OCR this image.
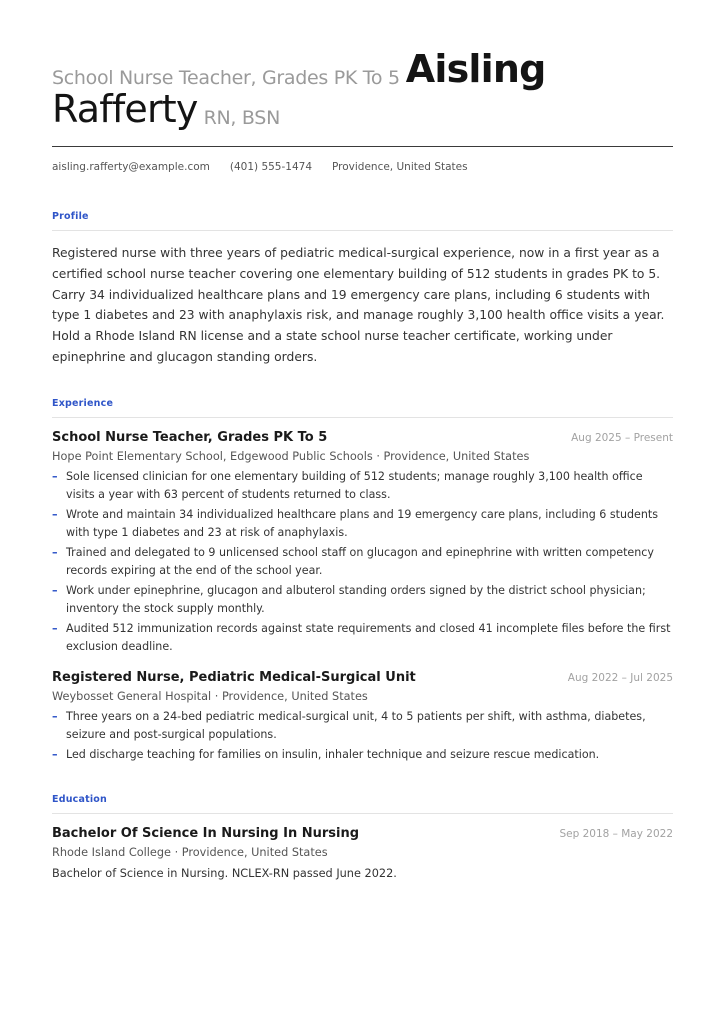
School Nurse Teacher, Grades PK To 5 Aisling
Rafferty RN, BSN
aisling.rafferty@example.com (401) 555-1474 Providence, United States
Profile
Registered nurse with three years of pediatric medical-surgical experience, now in a first year as a certified school nurse teacher covering one elementary building of 512 students in grades PK to 5. Carry 34 individualized healthcare plans and 19 emergency care plans, including 6 students with type 1 diabetes and 23 with anaphylaxis risk, and manage roughly 3,100 health office visits a year. Hold a Rhode Island RN license and a state school nurse teacher certificate, working under epinephrine and glucagon standing orders.
Experience
School Nurse Teacher, Grades PK To 5	Aug 2025 – Present
Hope Point Elementary School, Edgewood Public Schools · Providence, United States
– Sole licensed clinician for one elementary building of 512 students; manage roughly 3,100 health office visits a year with 63 percent of students returned to class.
– Wrote and maintain 34 individualized healthcare plans and 19 emergency care plans, including 6 students with type 1 diabetes and 23 at risk of anaphylaxis.
– Trained and delegated to 9 unlicensed school staff on glucagon and epinephrine with written competency records expiring at the end of the school year.
– Work under epinephrine, glucagon and albuterol standing orders signed by the district school physician; inventory the stock supply monthly.
– Audited 512 immunization records against state requirements and closed 41 incomplete files before the first exclusion deadline.
Registered Nurse, Pediatric Medical-Surgical Unit	Aug 2022 – Jul 2025
Weybosset General Hospital · Providence, United States
– Three years on a 24-bed pediatric medical-surgical unit, 4 to 5 patients per shift, with asthma, diabetes, seizure and post-surgical populations.
– Led discharge teaching for families on insulin, inhaler technique and seizure rescue medication.
Education
Bachelor Of Science In Nursing In Nursing	Sep 2018 – May 2022
Rhode Island College · Providence, United States
Bachelor of Science in Nursing. NCLEX-RN passed June 2022.
